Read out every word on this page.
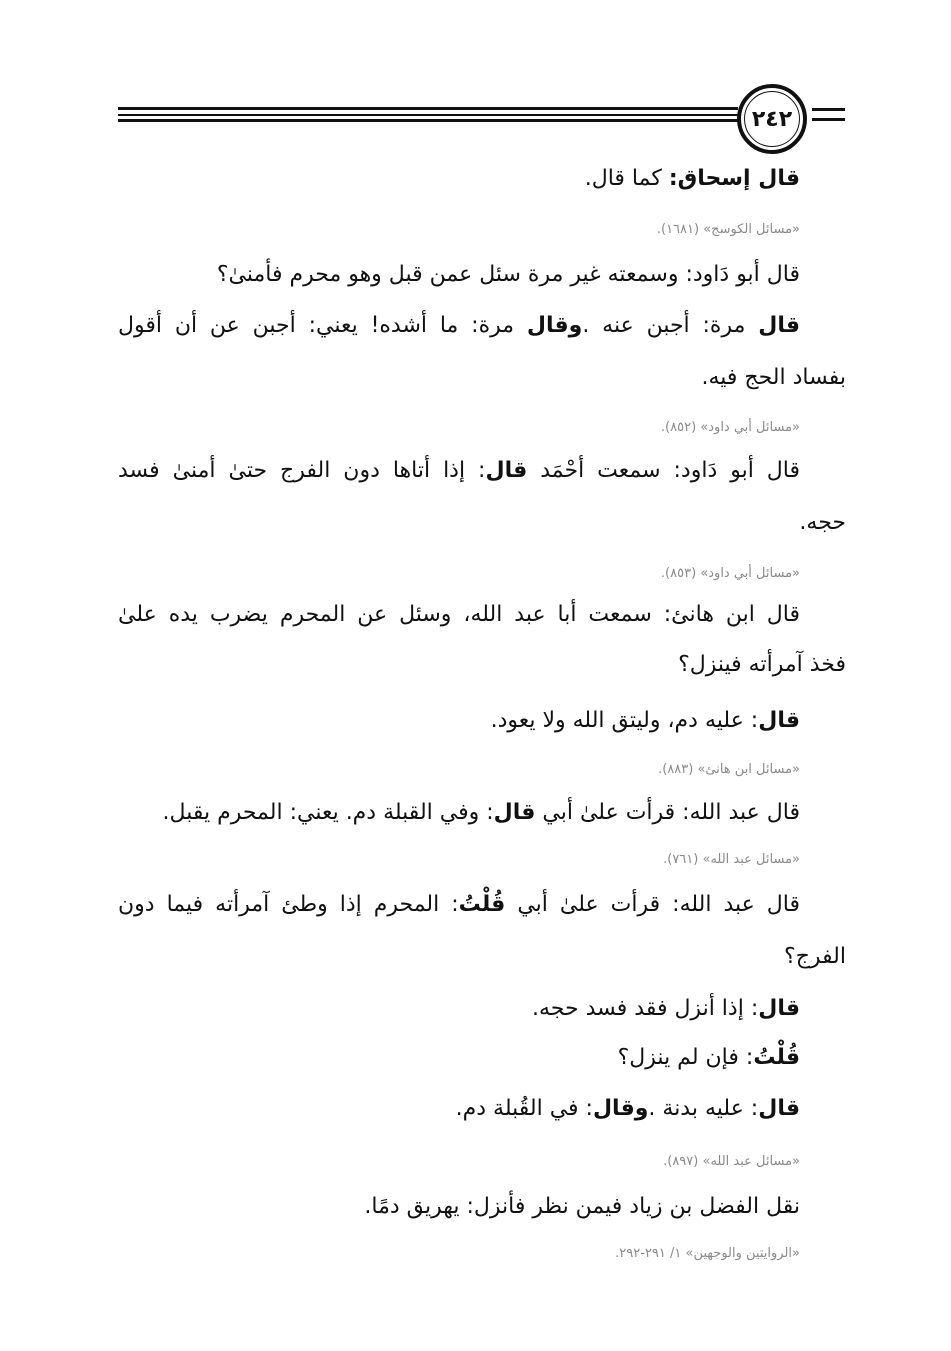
٢٤٢
قال إسحاق: كما قال.
«مسائل الكوسج» (١٦٨١).
قال أبو دَاود: وسمعته غير مرة سئل عمن قبل وهو محرم فأمنىٰ؟
قال مرة: أجبن عنه .وقال مرة: ما أشده! يعني: أجبن عن أن أقول
بفساد الحج فيه.
«مسائل أبي داود» (٨٥٢).
قال أبو دَاود: سمعت أحْمَد قال: إذا أتاها دون الفرج حتىٰ أمنىٰ فسد
حجه.
«مسائل أبي داود» (٨٥٣).
قال ابن هانئ: سمعت أبا عبد الله، وسئل عن المحرم يضرب يده علىٰ
فخذ آمرأته فينزل؟
قال: عليه دم، وليتق الله ولا يعود.
«مسائل ابن هانئ» (٨٨٣).
قال عبد الله: قرأت علىٰ أبي قال: وفي القبلة دم. يعني: المحرم يقبل.
«مسائل عبد الله» (٧٦١).
قال عبد الله: قرأت علىٰ أبي قُلْتُ: المحرم إذا وطئ آمرأته فيما دون
الفرج؟
قال: إذا أنزل فقد فسد حجه.
قُلْتُ: فإن لم ينزل؟
قال: عليه بدنة .وقال: في القُبلة دم.
«مسائل عبد الله» (٨٩٧).
نقل الفضل بن زياد فيمن نظر فأنزل: يهريق دمًا.
«الروايتين والوجهين» ١/ ٢٩١-٢٩٢.
